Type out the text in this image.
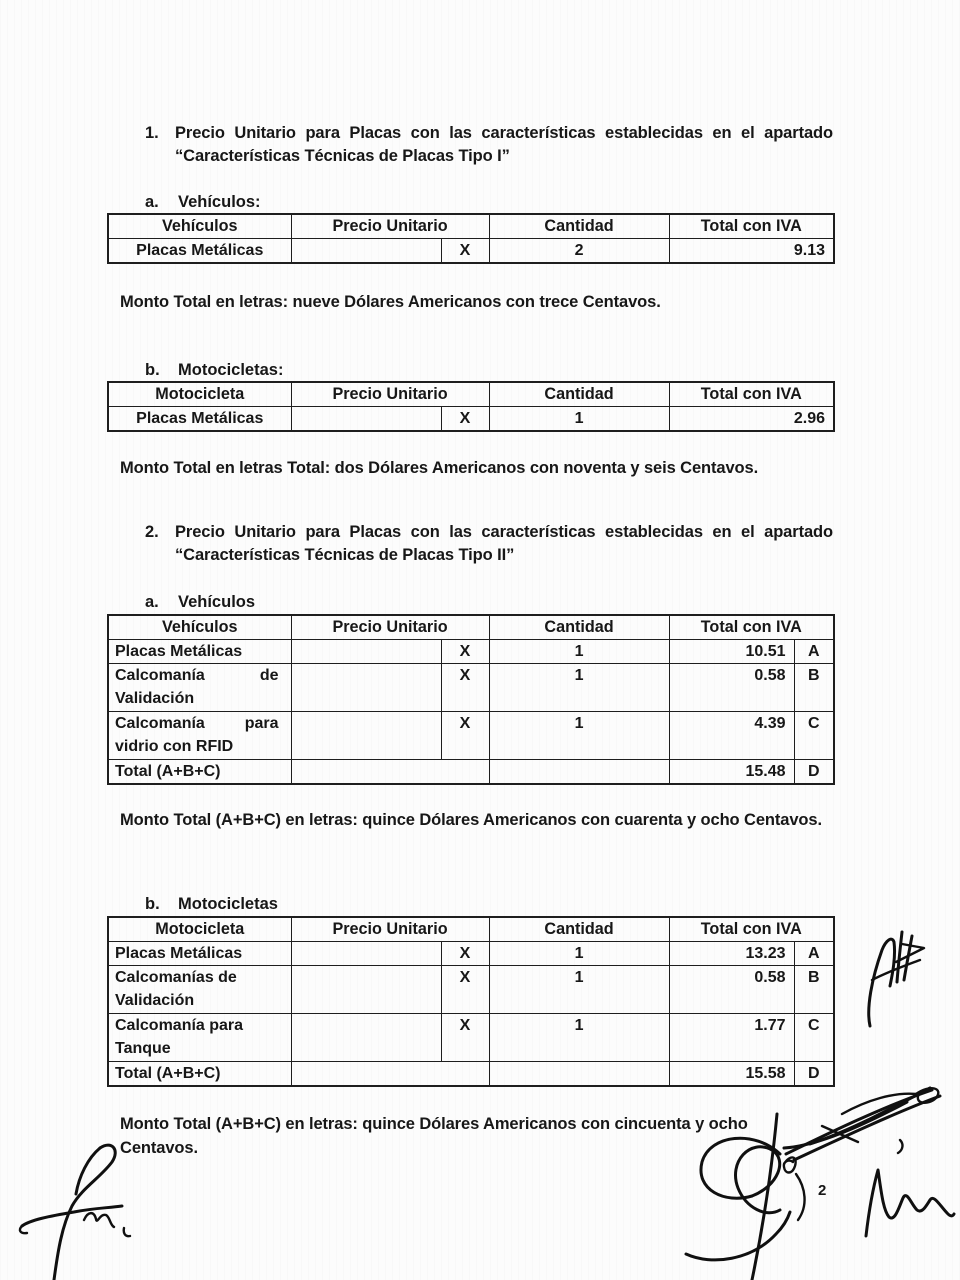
1. Precio Unitario para Placas con las características establecidas en el apartado
“Características Técnicas de Placas Tipo I”
a.	Vehículos:
Vehículos	Precio Unitario		Cantidad	Total con IVA
Placas Metálicas		X	2	9.13
Monto Total en letras: nueve Dólares Americanos con trece Centavos.
b.	Motocicletas:
Motocicleta	Precio Unitario		Cantidad	Total con IVA
Placas Metálicas		X	1	2.96
Monto Total en letras Total: dos Dólares Americanos con noventa y seis Centavos.
2. Precio Unitario para Placas con las características establecidas en el apartado
“Características Técnicas de Placas Tipo II”
a.	Vehículos
Vehículos	Precio Unitario		Cantidad	Total con IVA	
Placas Metálicas		X	1	10.51	A

Calcomanía de
Validación		X	1	0.58	B

Calcomanía para
vidrio con RFID		X	1	4.39	C
Total (A+B+C)				15.48	D
Monto Total (A+B+C) en letras: quince Dólares Americanos con cuarenta y ocho Centavos.
b.	Motocicletas
Motocicleta	Precio Unitario		Cantidad	Total con IVA	
Placas Metálicas		X	1	13.23	A

Calcomanías de
Validación		X	1	0.58	B

Calcomanía para
Tanque		X	1	1.77	C
Total (A+B+C)				15.58	D
Monto Total (A+B+C) en letras: quince Dólares Americanos con cincuenta y ocho
Centavos.
2
